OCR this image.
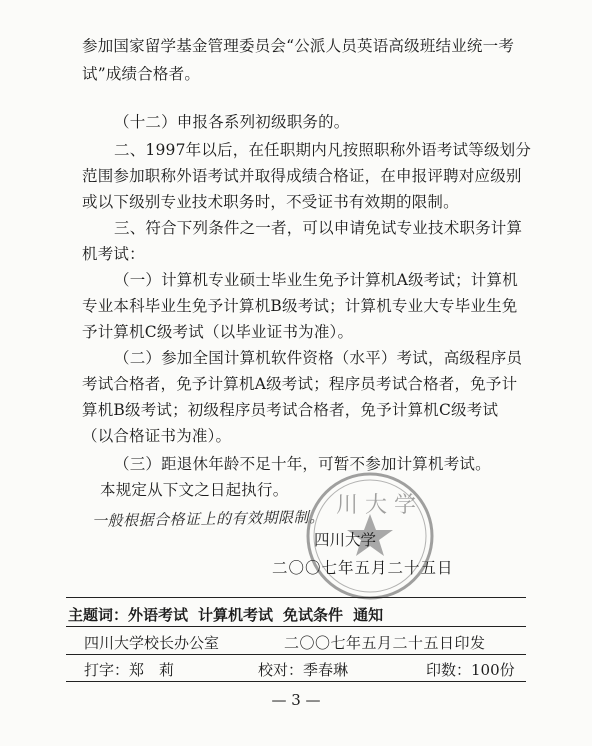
参加国家留学基金管理委员会“公派人员英语高级班结业统一考
试”成绩合格者。
（十二）申报各系列初级职务的。
二、1997年以后，在任职期内凡按照职称外语考试等级划分
范围参加职称外语考试并取得成绩合格证，在申报评聘对应级别
或以下级别专业技术职务时，不受证书有效期的限制。
三、符合下列条件之一者，可以申请免试专业技术职务计算
机考试：
（一）计算机专业硕士毕业生免予计算机A级考试；计算机
专业本科毕业生免予计算机B级考试；计算机专业大专毕业生免
予计算机C级考试（以毕业证书为准）。
（二）参加全国计算机软件资格（水平）考试，高级程序员
考试合格者，免予计算机A级考试；程序员考试合格者，免予计
算机B级考试；初级程序员考试合格者，免予计算机C级考试
（以合格证书为准）。
（三）距退休年龄不足十年，可暂不参加计算机考试。
本规定从下文之日起执行。
一般根据合格证上的有效期限制。
川 大 学
四川大学
二〇〇七年五月二十五日
主题词：外语考试 计算机考试 免试条件 通知
四川大学校长办公室	二〇〇七年五月二十五日印发
打字：郑　莉	校对：季春琳	印数：100份
— 3 —
